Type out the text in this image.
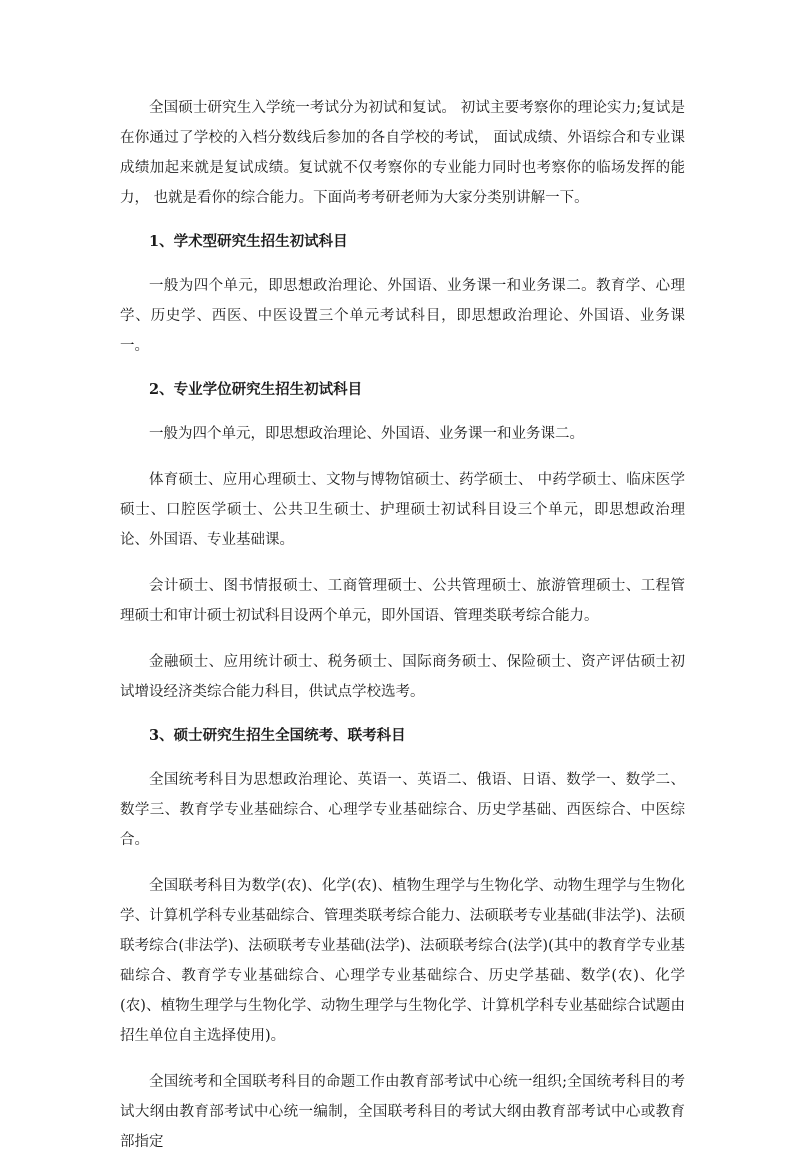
全国硕士研究生入学统一考试分为初试和复试。 初试主要考察你的理论实力;复试是在你通过了学校的入档分数线后参加的各自学校的考试， 面试成绩、外语综合和专业课成绩加起来就是复试成绩。复试就不仅考察你的专业能力同时也考察你的临场发挥的能力， 也就是看你的综合能力。下面尚考考研老师为大家分类别讲解一下。

1、学术型研究生招生初试科目

一般为四个单元，即思想政治理论、外国语、业务课一和业务课二。教育学、心理学、历史学、西医、中医设置三个单元考试科目，即思想政治理论、外国语、业务课一。

2、专业学位研究生招生初试科目

一般为四个单元，即思想政治理论、外国语、业务课一和业务课二。

体育硕士、应用心理硕士、文物与博物馆硕士、药学硕士、 中药学硕士、临床医学硕士、口腔医学硕士、公共卫生硕士、护理硕士初试科目设三个单元，即思想政治理论、外国语、专业基础课。

会计硕士、图书情报硕士、工商管理硕士、公共管理硕士、旅游管理硕士、工程管理硕士和审计硕士初试科目设两个单元，即外国语、管理类联考综合能力。

金融硕士、应用统计硕士、税务硕士、国际商务硕士、保险硕士、资产评估硕士初试增设经济类综合能力科目，供试点学校选考。

3、硕士研究生招生全国统考、联考科目

全国统考科目为思想政治理论、英语一、英语二、俄语、日语、数学一、数学二、数学三、教育学专业基础综合、心理学专业基础综合、历史学基础、西医综合、中医综合。

全国联考科目为数学(农)、化学(农)、植物生理学与生物化学、动物生理学与生物化学、计算机学科专业基础综合、管理类联考综合能力、法硕联考专业基础(非法学)、法硕联考综合(非法学)、法硕联考专业基础(法学)、法硕联考综合(法学)(其中的教育学专业基础综合、教育学专业基础综合、心理学专业基础综合、历史学基础、数学(农)、化学(农)、植物生理学与生物化学、动物生理学与生物化学、计算机学科专业基础综合试题由招生单位自主选择使用)。

全国统考和全国联考科目的命题工作由教育部考试中心统一组织;全国统考科目的考试大纲由教育部考试中心统一编制，全国联考科目的考试大纲由教育部考试中心或教育部指定
